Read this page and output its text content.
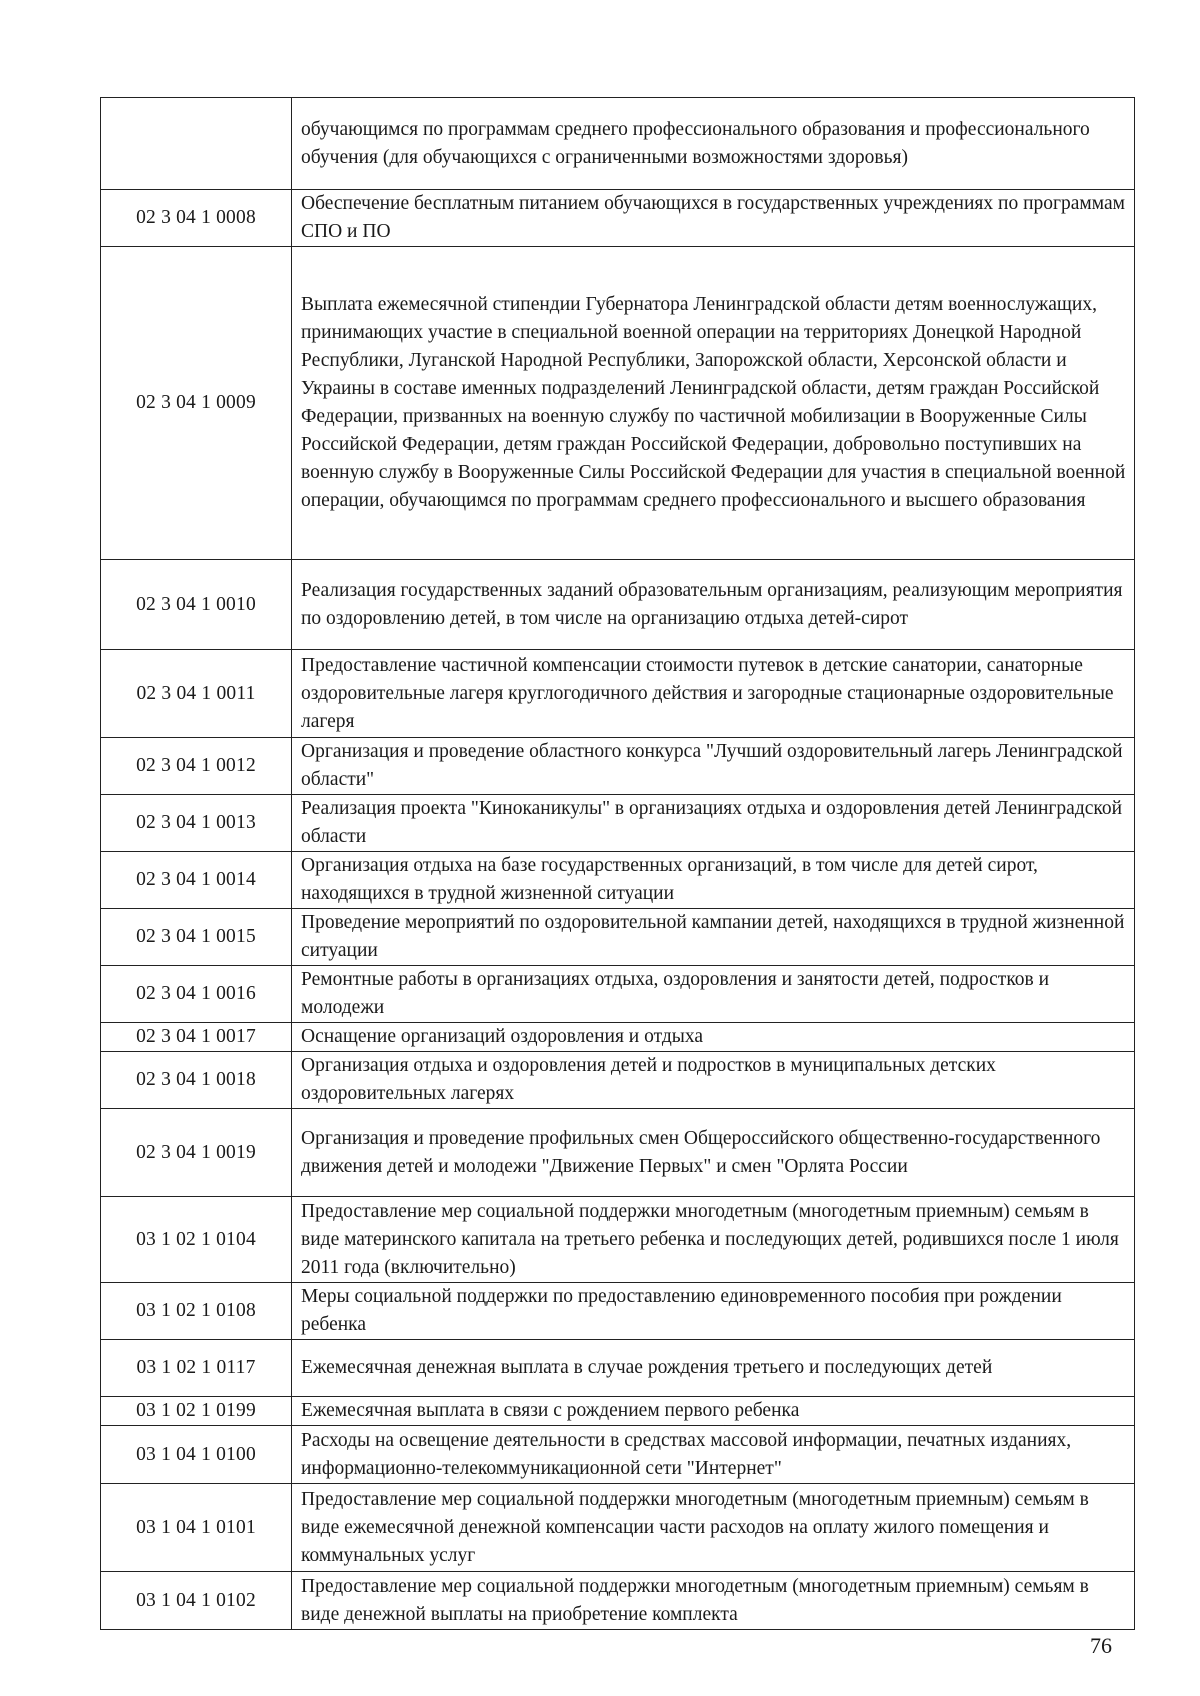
	обучающимся по программам среднего профессионального образования и профессионального обучения (для обучающихся с ограниченными возможностями здоровья)
02 3 04 1 0008	Обеспечение бесплатным питанием обучающихся в государственных учреждениях по программам СПО и ПО
02 3 04 1 0009	Выплата ежемесячной стипендии Губернатора Ленинградской области детям военнослужащих, принимающих участие в специальной военной операции на территориях Донецкой Народной Республики, Луганской Народной Республики, Запорожской области, Херсонской области и Украины в составе именных подразделений Ленинградской области, детям граждан Российской Федерации, призванных на военную службу по частичной мобилизации в Вооруженные Силы Российской Федерации, детям граждан Российской Федерации, добровольно поступивших на военную службу в Вооруженные Силы Российской Федерации для участия в специальной военной операции, обучающимся по программам среднего профессионального и высшего образования
02 3 04 1 0010	Реализация государственных заданий образовательным организациям, реализующим мероприятия по оздоровлению детей, в том числе на организацию отдыха детей-сирот
02 3 04 1 0011	Предоставление частичной компенсации стоимости путевок в детские санатории, санаторные оздоровительные лагеря круглогодичного действия и загородные стационарные оздоровительные лагеря
02 3 04 1 0012	Организация и проведение областного конкурса "Лучший оздоровительный лагерь Ленинградской области"
02 3 04 1 0013	Реализация проекта "Киноканикулы" в организациях отдыха и оздоровления детей Ленинградской области
02 3 04 1 0014	Организация отдыха на базе государственных организаций, в том числе для детей сирот, находящихся в трудной жизненной ситуации
02 3 04 1 0015	Проведение мероприятий по оздоровительной кампании детей, находящихся в трудной жизненной ситуации
02 3 04 1 0016	Ремонтные работы в организациях отдыха, оздоровления и занятости детей, подростков и молодежи
02 3 04 1 0017	Оснащение организаций оздоровления и отдыха
02 3 04 1 0018	Организация отдыха и оздоровления детей и подростков в муниципальных детских оздоровительных лагерях
02 3 04 1 0019	Организация и проведение профильных смен Общероссийского общественно-государственного движения детей и молодежи "Движение Первых" и смен "Орлята России
03 1 02 1 0104	Предоставление мер социальной поддержки многодетным (многодетным приемным) семьям в виде материнского капитала на третьего ребенка и последующих детей, родившихся после 1 июля 2011 года (включительно)
03 1 02 1 0108	Меры социальной поддержки по предоставлению единовременного пособия при рождении ребенка
03 1 02 1 0117	Ежемесячная денежная выплата в случае рождения третьего и последующих детей
03 1 02 1 0199	Ежемесячная выплата в связи с рождением первого ребенка
03 1 04 1 0100	Расходы на освещение деятельности в средствах массовой информации, печатных изданиях, информационно-телекоммуникационной сети "Интернет"
03 1 04 1 0101	Предоставление мер социальной поддержки многодетным (многодетным приемным) семьям в виде ежемесячной денежной компенсации части расходов на оплату жилого помещения и коммунальных услуг
03 1 04 1 0102	Предоставление мер социальной поддержки многодетным (многодетным приемным) семьям в виде денежной выплаты на приобретение комплекта
76
